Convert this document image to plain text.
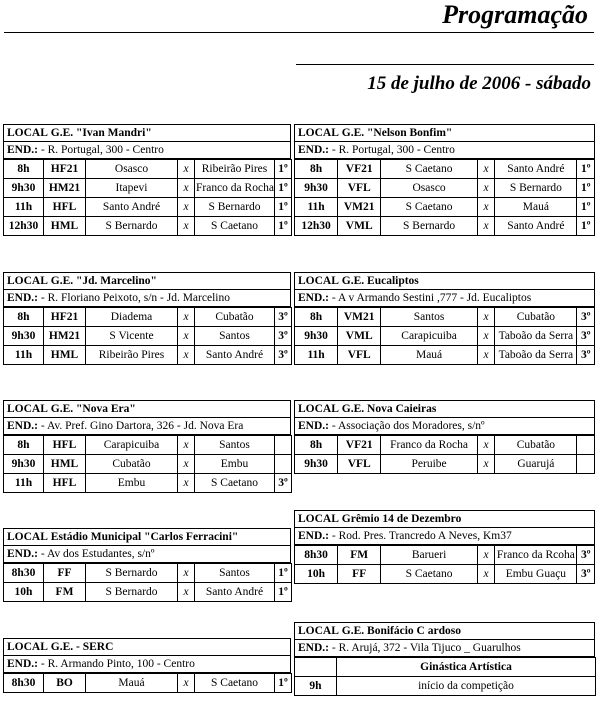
Programação
15 de julho de 2006 - sábado
LOCAL G.E. "Ivan Mandri"
END.: - R. Portugal, 300 - Centro
8h	HF21	Osasco	x	Ribeirão Pires	1º
9h30	HM21	Itapevi	x	Franco da Rocha	1º
11h	HFL	Santo André	x	S Bernardo	1º
12h30	HML	S Bernardo	x	S Caetano	1º
LOCAL G.E. "Nelson Bonfim"
END.: - R. Portugal, 300 - Centro
8h	VF21	S Caetano	x	Santo André	1º
9h30	VFL	Osasco	x	S Bernardo	1º
11h	VM21	S Caetano	x	Mauá	1º
12h30	VML	S Bernardo	x	Santo André	1º
LOCAL G.E. "Jd. Marcelino"
END.: - R. Floriano Peixoto, s/n - Jd. Marcelino
8h	HF21	Diadema	x	Cubatão	3º
9h30	HM21	S Vicente	x	Santos	3º
11h	HML	Ribeirão Pires	x	Santo André	3º
LOCAL G.E. Eucaliptos
END.: - A v Armando Sestini ,777 - Jd. Eucaliptos
8h	VM21	Santos	x	Cubatão	3º
9h30	VML	Carapicuiba	x	Taboão da Serra	3º
11h	VFL	Mauá	x	Taboão da Serra	3º
LOCAL G.E. "Nova Era"
END.: - Av. Pref. Gino Dartora, 326 - Jd. Nova Era
8h	HFL	Carapicuiba	x	Santos	
9h30	HML	Cubatão	x	Embu	
11h	HFL	Embu	x	S Caetano	3º
LOCAL G.E. Nova Caieiras
END.: - Associação dos Moradores, s/nº
8h	VF21	Franco da Rocha	x	Cubatão	
9h30	VFL	Peruibe	x	Guarujá	
LOCAL Estádio Municipal "Carlos Ferracini"
END.: - Av dos Estudantes, s/nº
8h30	FF	S Bernardo	x	Santos	1º
10h	FM	S Bernardo	x	Santo André	1º
LOCAL Grêmio 14 de Dezembro
END.: - Rod. Pres. Trancredo A Neves, Km37
8h30	FM	Barueri	x	Franco da Rcoha	3º
10h	FF	S Caetano	x	Embu Guaçu	3º
LOCAL G.E. - SERC
END.: - R. Armando Pinto, 100 - Centro
8h30	BO	Mauá	x	S Caetano	1º
LOCAL G.E. Bonifácio C ardoso
END.: - R. Arujá, 372 - Vila Tijuco _ Guarulhos
	Ginástica Artística
9h	início da competição
